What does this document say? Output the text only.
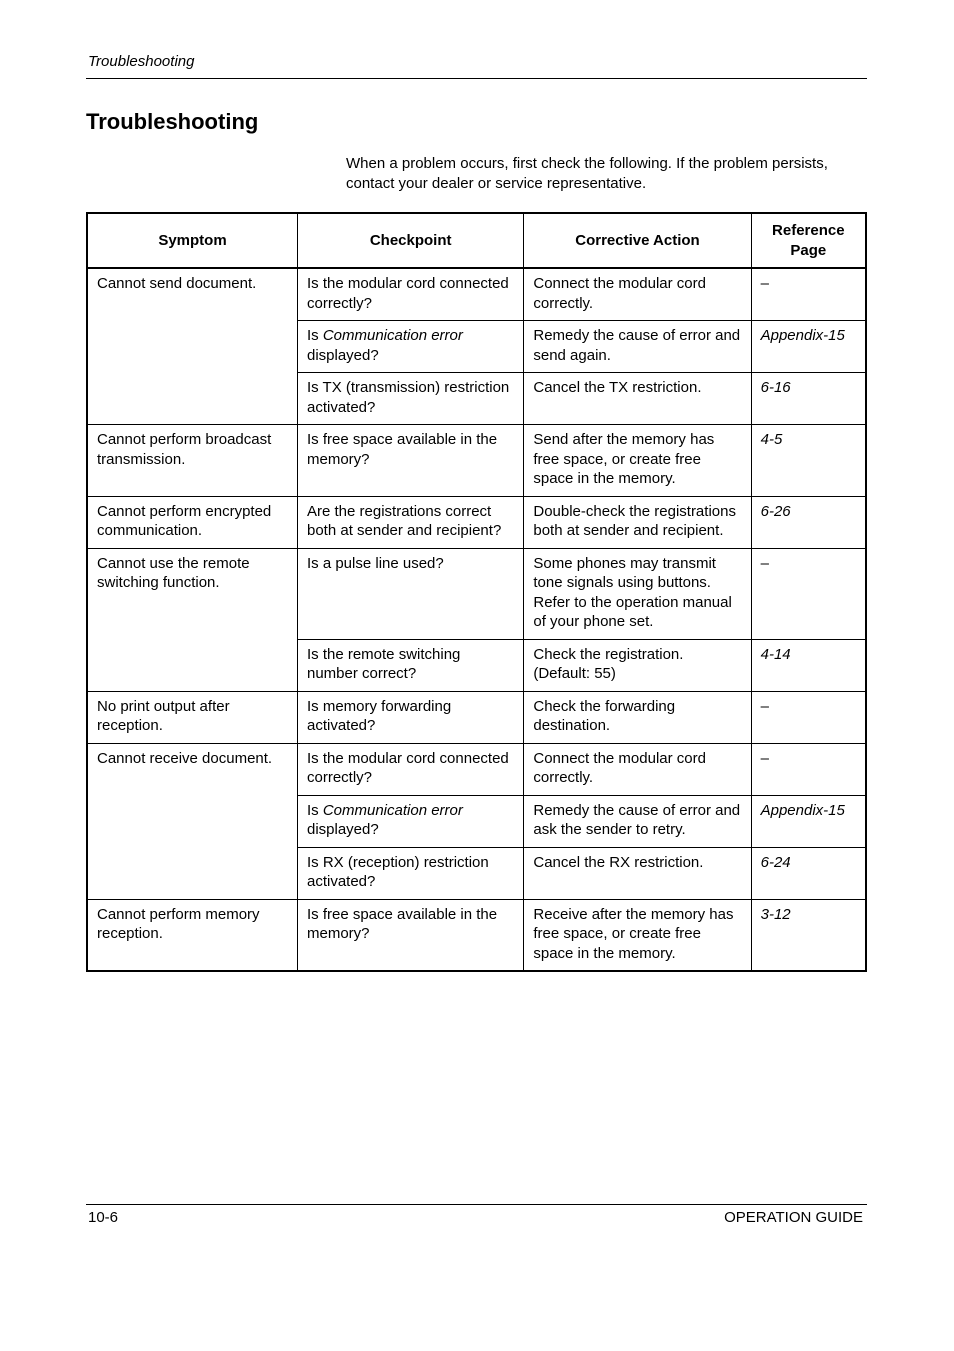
Troubleshooting
Troubleshooting
When a problem occurs, first check the following. If the problem persists, contact your dealer or service representative.
Symptom	Checkpoint	Corrective Action	Reference Page
Cannot send document.	Is the modular cord connected correctly?	Connect the modular cord correctly.	–
	Is Communication error displayed?	Remedy the cause of error and send again.	Appendix-15
	Is TX (transmission) restriction activated?	Cancel the TX restriction.	6-16
Cannot perform broadcast transmission.	Is free space available in the memory?	Send after the memory has free space, or create free space in the memory.	4-5
Cannot perform encrypted communication.	Are the registrations correct both at sender and recipient?	Double-check the registrations both at sender and recipient.	6-26
Cannot use the remote switching function.	Is a pulse line used?	Some phones may transmit tone signals using buttons. Refer to the operation manual of your phone set.	–
	Is the remote switching number correct?	Check the registration. (Default: 55)	4-14
No print output after reception.	Is memory forwarding activated?	Check the forwarding destination.	–
Cannot receive document.	Is the modular cord connected correctly?	Connect the modular cord correctly.	–
	Is Communication error displayed?	Remedy the cause of error and ask the sender to retry.	Appendix-15
	Is RX (reception) restriction activated?	Cancel the RX restriction.	6-24
Cannot perform memory reception.	Is free space available in the memory?	Receive after the memory has free space, or create free space in the memory.	3-12
10-6	OPERATION GUIDE
